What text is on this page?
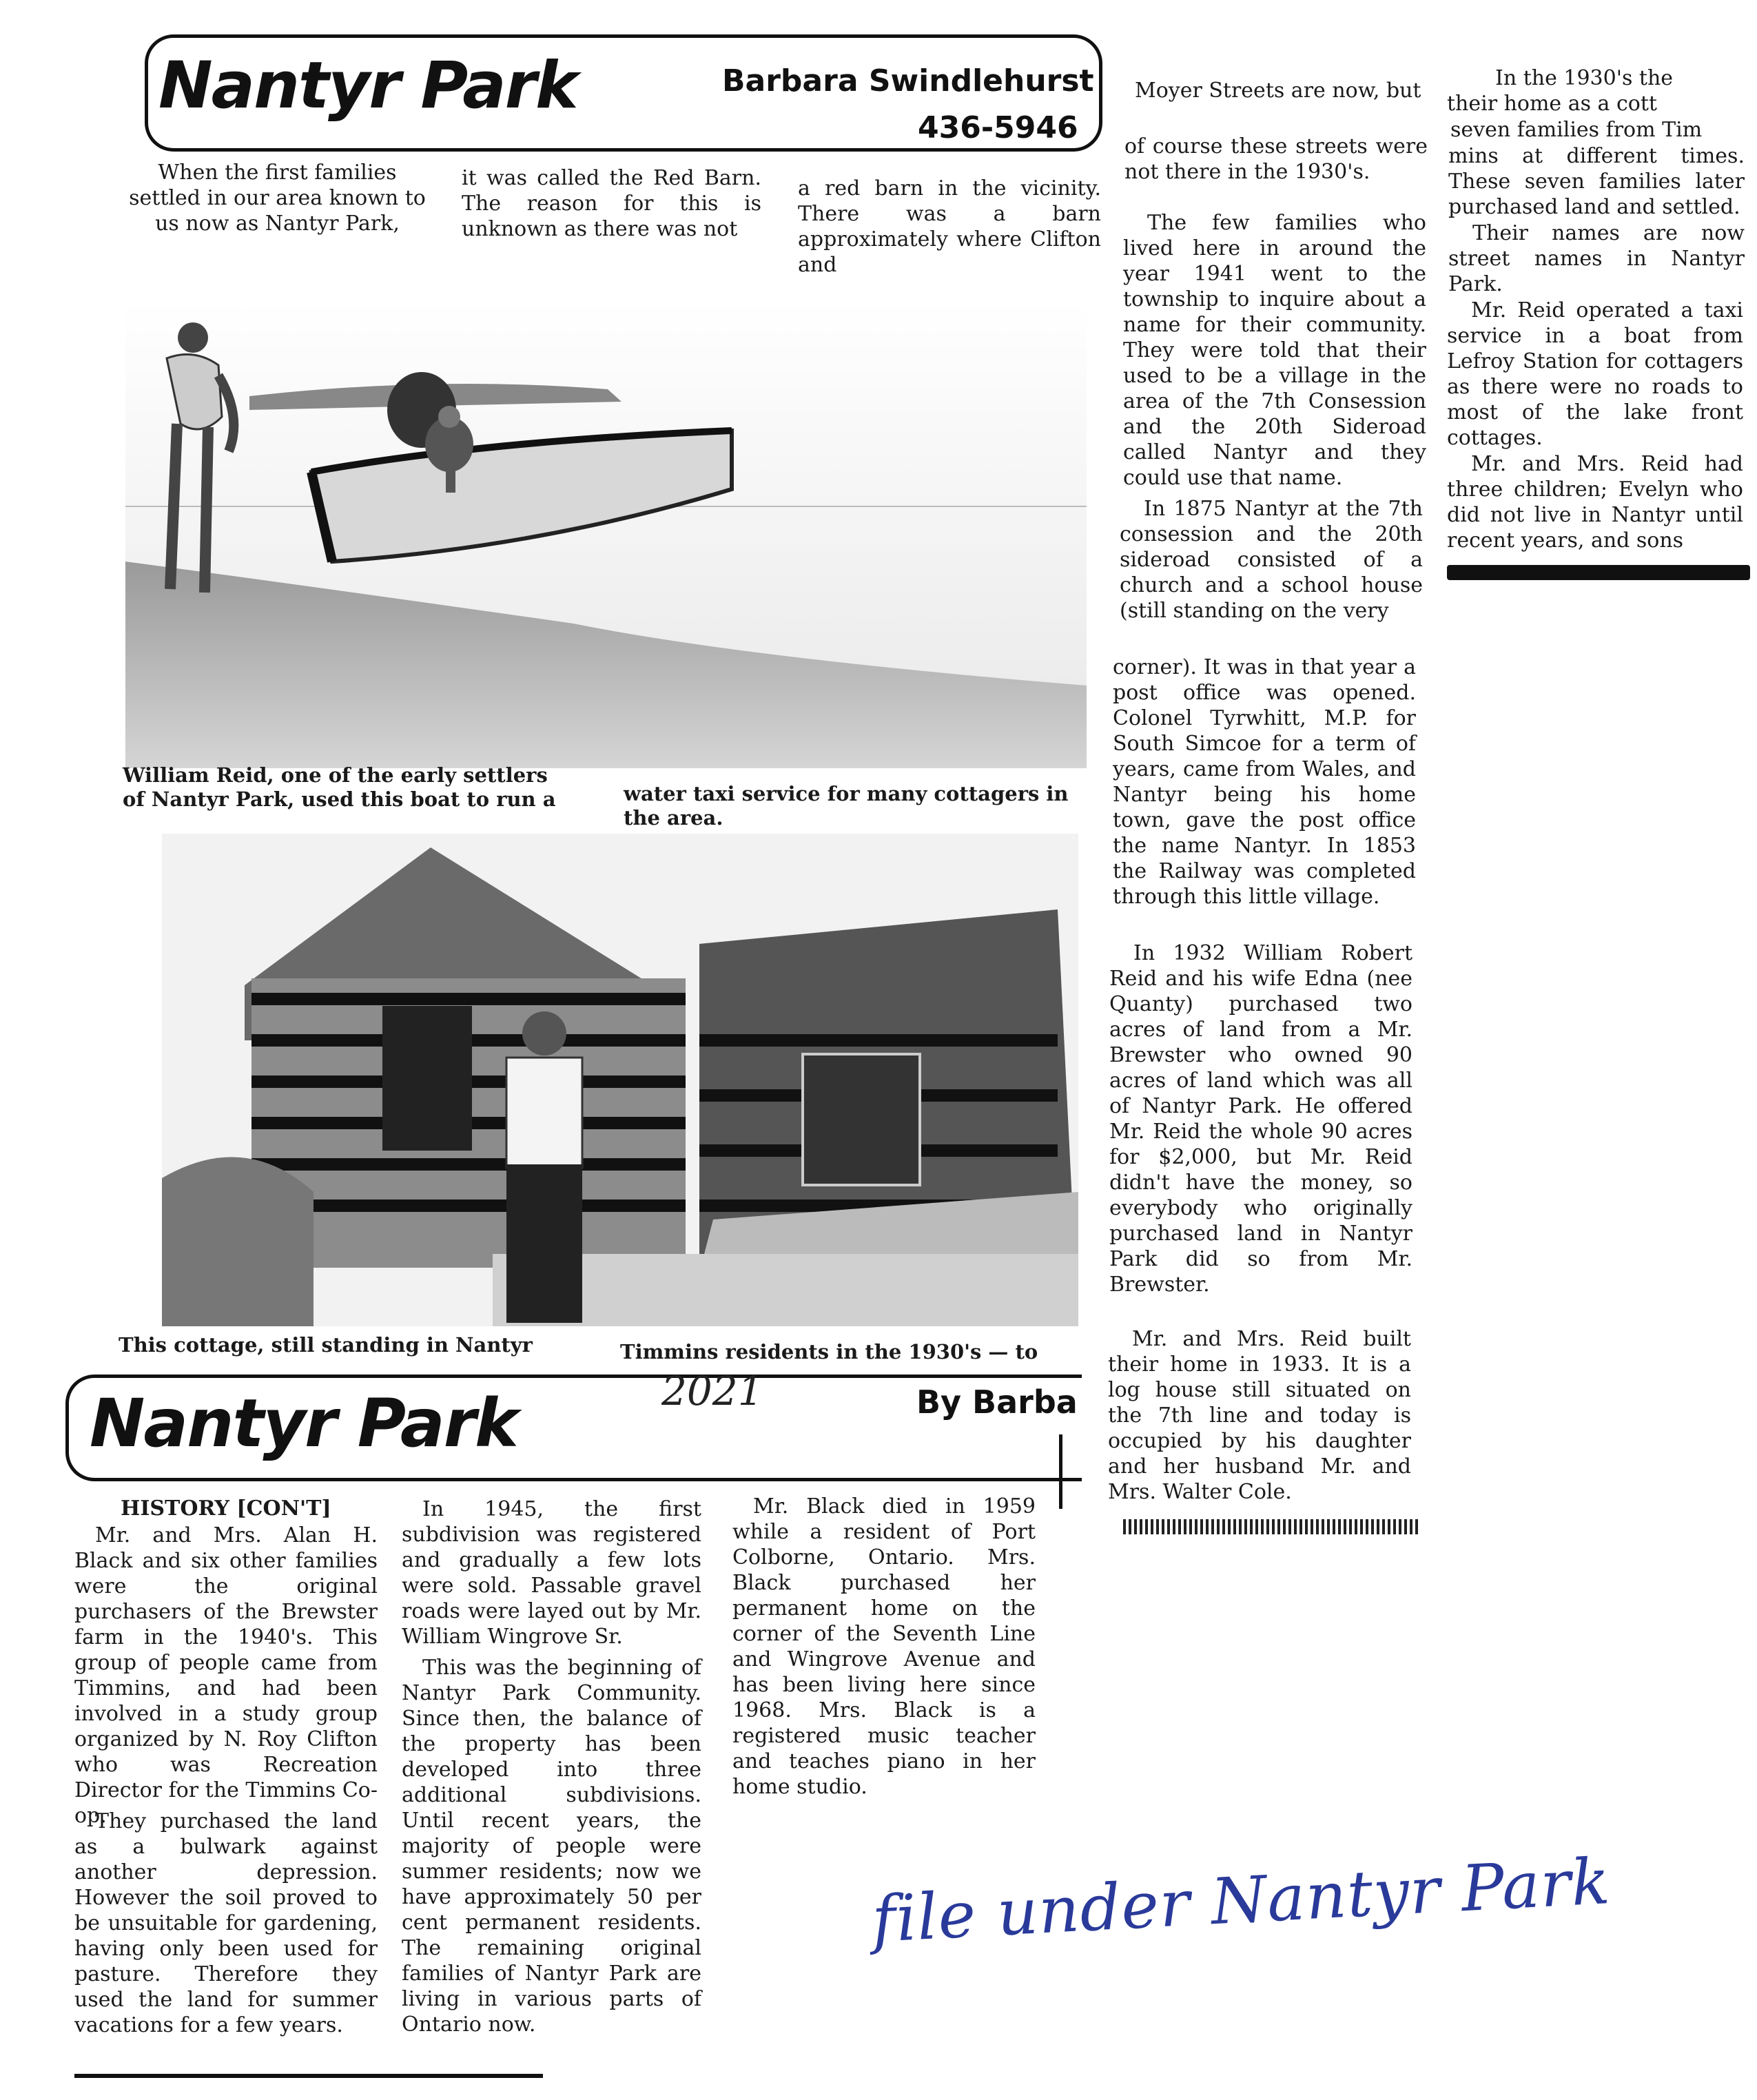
Nantyr Park	Barbara Swindlehurst
436-5946
When the first families settled in our area known to us now as Nantyr Park,
it was called the Red Barn. The reason for this is unknown as there was not
a red barn in the vicinity. There was a barn approximately where Clifton and
William Reid, one of the early settlers of Nantyr Park, used this boat to run a	water taxi service for many cottagers in the area.
This cottage, still standing in Nantyr	Timmins residents in the 1930's — to
Moyer Streets are now, but
of course these streets were not there in the 1930's.
The few families who lived here in around the year 1941 went to the township to inquire about a name for their community. They were told that their used to be a village in the area of the 7th Consession and the 20th Sideroad called Nantyr and they could use that name.
In 1875 Nantyr at the 7th consession and the 20th sideroad consisted of a church and a school house (still standing on the very
corner). It was in that year a post office was opened. Colonel Tyrwhitt, M.P. for South Simcoe for a term of years, came from Wales, and Nantyr being his home town, gave the post office the name Nantyr. In 1853 the Railway was completed through this little village.
In 1932 William Robert Reid and his wife Edna (nee Quanty) purchased two acres of land from a Mr. Brewster who owned 90 acres of land which was all of Nantyr Park. He offered Mr. Reid the whole 90 acres for $2,000, but Mr. Reid didn't have the money, so everybody who originally purchased land in Nantyr Park did so from Mr. Brewster.
Mr. and Mrs. Reid built their home in 1933. It is a log house still situated on the 7th line and today is occupied by his daughter and her husband Mr. and Mrs. Walter Cole.
In the 1930's the
their home as a cott
seven families from Tim
mins at different times. These seven families later purchased land and settled.
Their names are now street names in Nantyr Park.
Mr. Reid operated a taxi service in a boat from Lefroy Station for cottagers as there were no roads to most of the lake front cottages.
Mr. and Mrs. Reid had three children; Evelyn who did not live in Nantyr until recent years, and sons
Nantyr Park	By Barba
2021
HISTORY [CON'T]
Mr. and Mrs. Alan H. Black and six other families were the original purchasers of the Brewster farm in the 1940's. This group of people came from Timmins, and had been involved in a study group organized by N. Roy Clifton who was Recreation Director for the Timmins Co-op.
They purchased the land as a bulwark against another depression. However the soil proved to be unsuitable for gardening, having only been used for pasture. Therefore they used the land for summer vacations for a few years.
In 1945, the first subdivision was registered and gradually a few lots were sold. Passable gravel roads were layed out by Mr. William Wingrove Sr.
This was the beginning of Nantyr Park Community. Since then, the balance of the property has been developed into three additional subdivisions. Until recent years, the majority of people were summer residents; now we have approximately 50 per cent permanent residents. The remaining original families of Nantyr Park are living in various parts of Ontario now.
Mr. Black died in 1959 while a resident of Port Colborne, Ontario. Mrs. Black purchased her permanent home on the corner of the Seventh Line and Wingrove Avenue and has been living here since 1968. Mrs. Black is a registered music teacher and teaches piano in her home studio.
file under Nantyr Park
